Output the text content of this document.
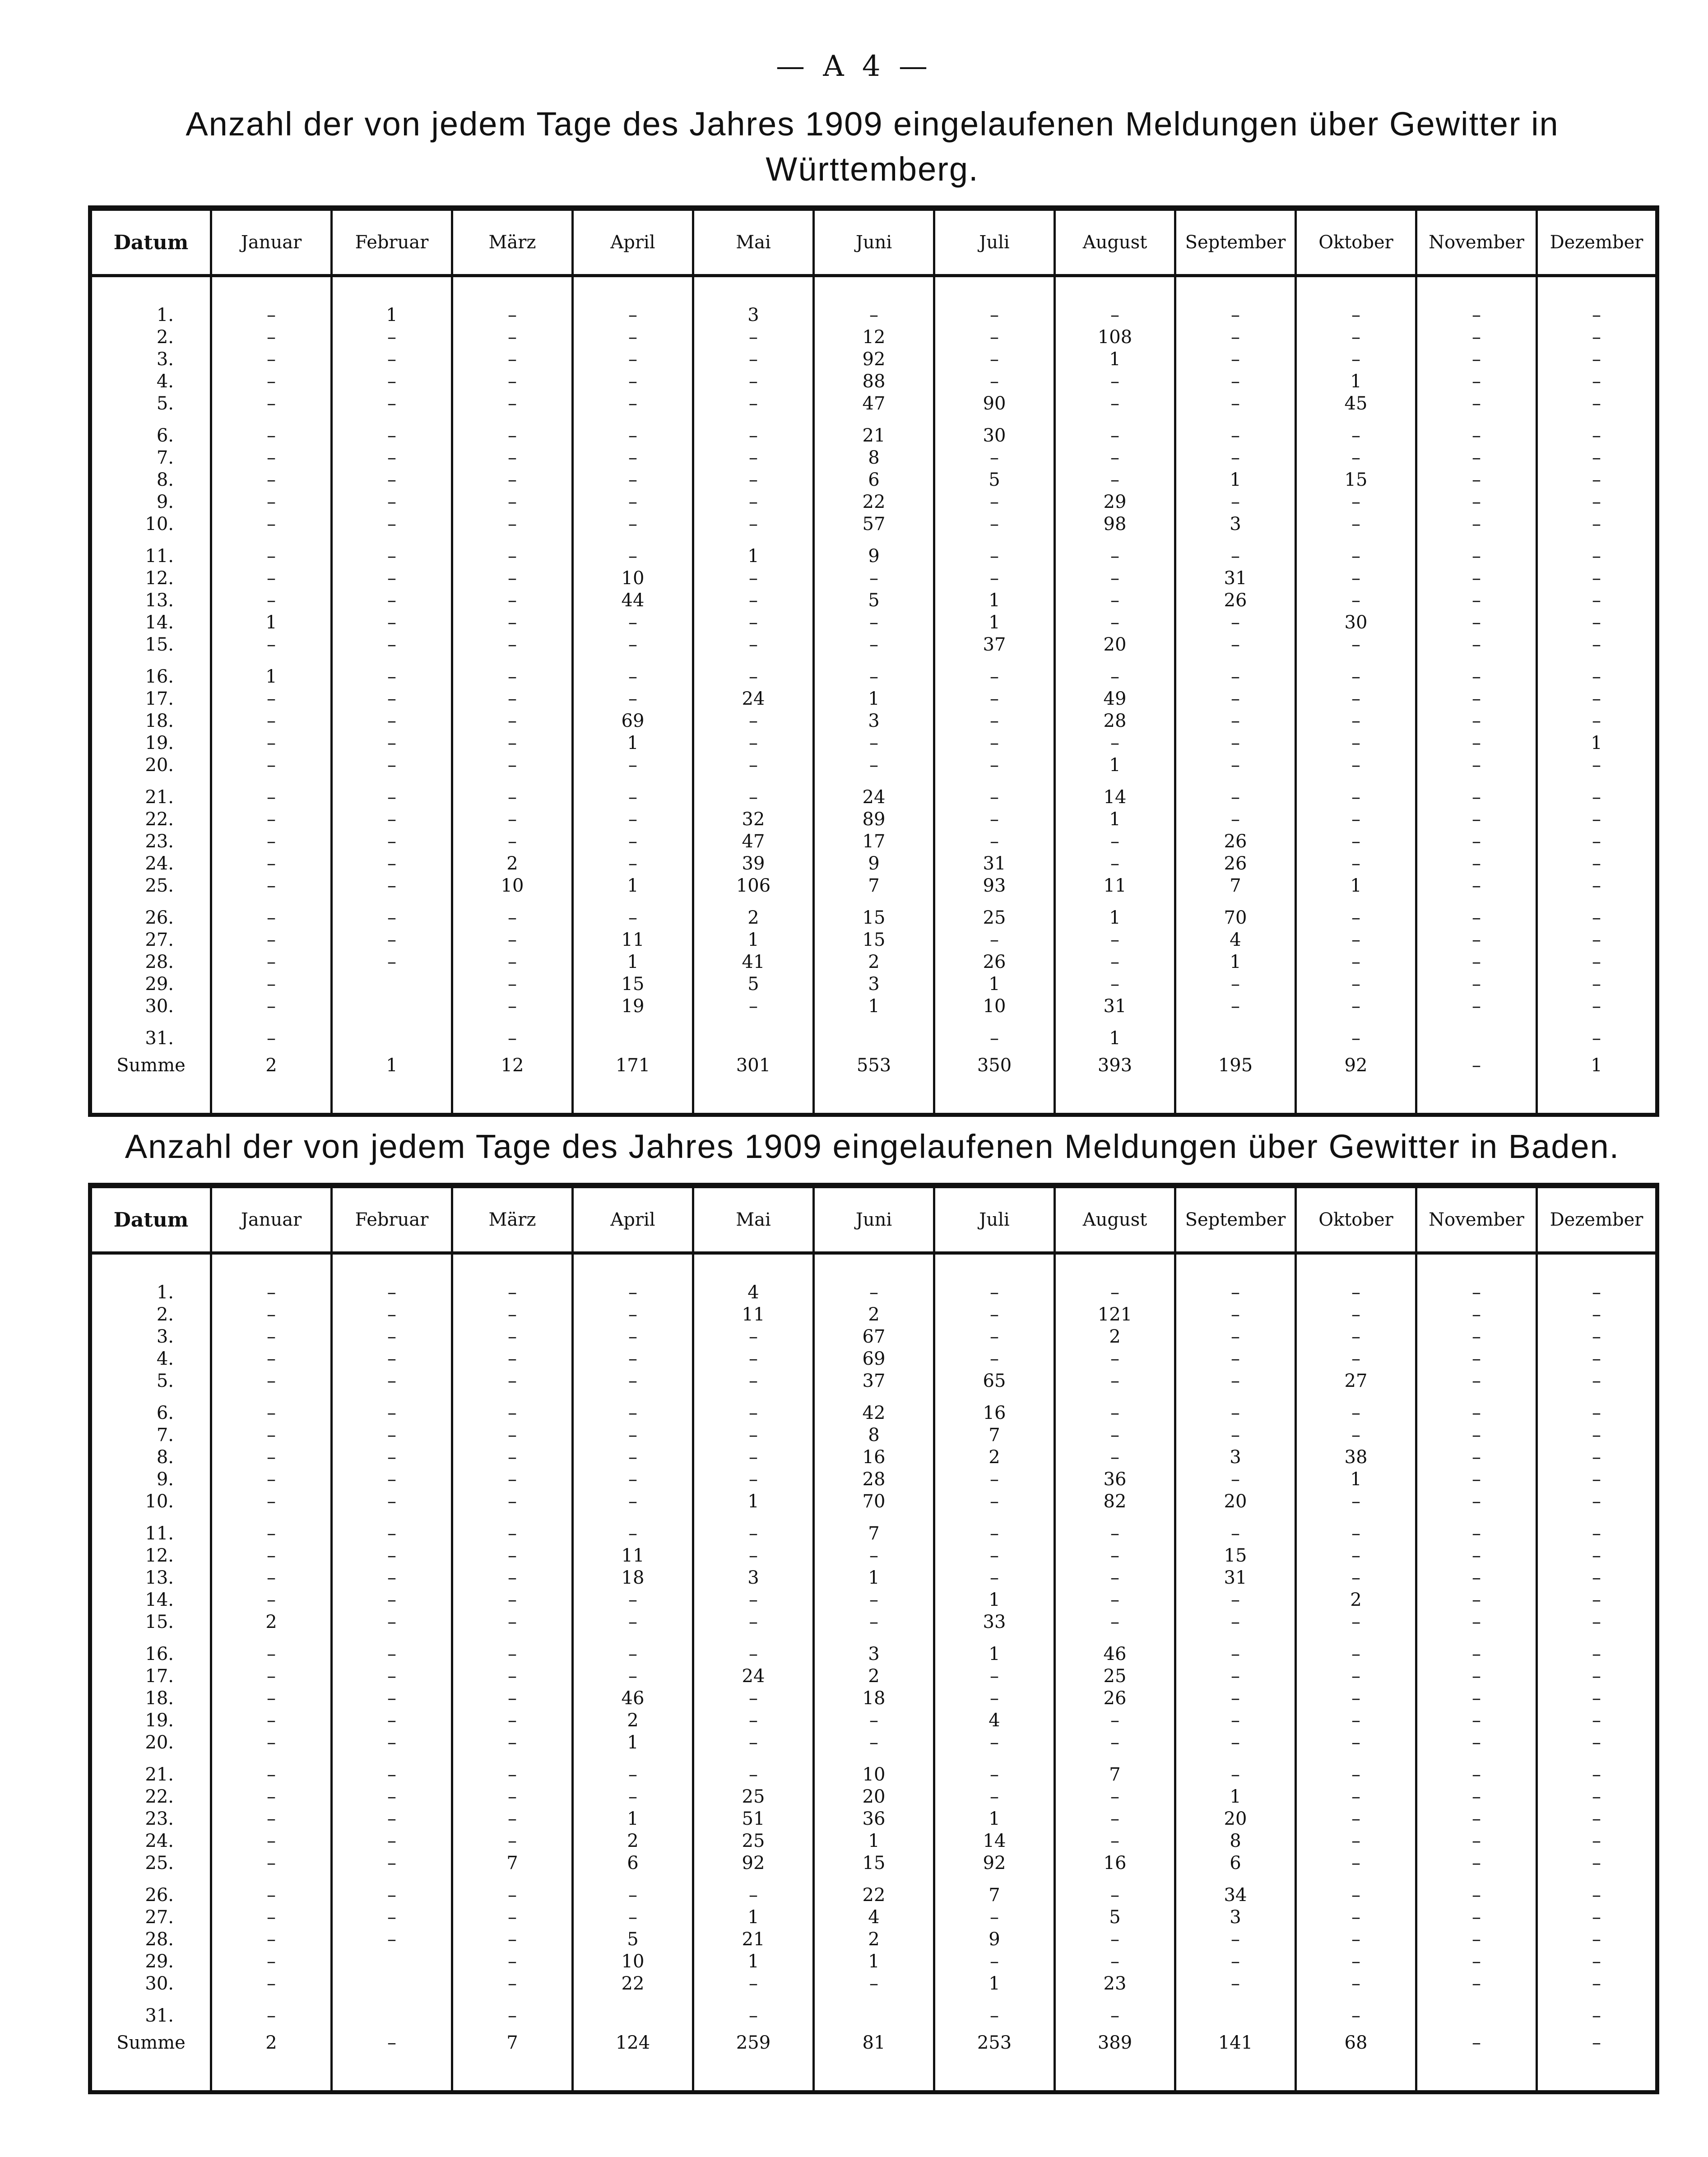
— A 4 —
Anzahl der von jedem Tage des Jahres 1909 eingelaufenen Meldungen über Gewitter in Württemberg.
Datum	Januar	Februar	März	April	Mai	Juni	Juli	August	September	Oktober	November	Dezember

1.	–	1	–	–	3	–	–	–	–	–	–	–
2.	–	–	–	–	–	12	–	108	–	–	–	–
3.	–	–	–	–	–	92	–	1	–	–	–	–
4.	–	–	–	–	–	88	–	–	–	1	–	–
5.	–	–	–	–	–	47	90	–	–	45	–	–

6.	–	–	–	–	–	21	30	–	–	–	–	–
7.	–	–	–	–	–	8	–	–	–	–	–	–
8.	–	–	–	–	–	6	5	–	1	15	–	–
9.	–	–	–	–	–	22	–	29	–	–	–	–
10.	–	–	–	–	–	57	–	98	3	–	–	–

11.	–	–	–	–	1	9	–	–	–	–	–	–
12.	–	–	–	10	–	–	–	–	31	–	–	–
13.	–	–	–	44	–	5	1	–	26	–	–	–
14.	1	–	–	–	–	–	1	–	–	30	–	–
15.	–	–	–	–	–	–	37	20	–	–	–	–

16.	1	–	–	–	–	–	–	–	–	–	–	–
17.	–	–	–	–	24	1	–	49	–	–	–	–
18.	–	–	–	69	–	3	–	28	–	–	–	–
19.	–	–	–	1	–	–	–	–	–	–	–	1
20.	–	–	–	–	–	–	–	1	–	–	–	–

21.	–	–	–	–	–	24	–	14	–	–	–	–
22.	–	–	–	–	32	89	–	1	–	–	–	–
23.	–	–	–	–	47	17	–	–	26	–	–	–
24.	–	–	2	–	39	9	31	–	26	–	–	–
25.	–	–	10	1	106	7	93	11	7	1	–	–

26.	–	–	–	–	2	15	25	1	70	–	–	–
27.	–	–	–	11	1	15	–	–	4	–	–	–
28.	–	–	–	1	41	2	26	–	1	–	–	–
29.	–		–	15	5	3	1	–	–	–	–	–
30.	–		–	19	–	1	10	31	–	–	–	–

31.	–		–				–	1		–		–
Summe	2	1	12	171	301	553	350	393	195	92	–	1

Anzahl der von jedem Tage des Jahres 1909 eingelaufenen Meldungen über Gewitter in Baden.
Datum	Januar	Februar	März	April	Mai	Juni	Juli	August	September	Oktober	November	Dezember

1.	–	–	–	–	4	–	–	–	–	–	–	–
2.	–	–	–	–	11	2	–	121	–	–	–	–
3.	–	–	–	–	–	67	–	2	–	–	–	–
4.	–	–	–	–	–	69	–	–	–	–	–	–
5.	–	–	–	–	–	37	65	–	–	27	–	–

6.	–	–	–	–	–	42	16	–	–	–	–	–
7.	–	–	–	–	–	8	7	–	–	–	–	–
8.	–	–	–	–	–	16	2	–	3	38	–	–
9.	–	–	–	–	–	28	–	36	–	1	–	–
10.	–	–	–	–	1	70	–	82	20	–	–	–

11.	–	–	–	–	–	7	–	–	–	–	–	–
12.	–	–	–	11	–	–	–	–	15	–	–	–
13.	–	–	–	18	3	1	–	–	31	–	–	–
14.	–	–	–	–	–	–	1	–	–	2	–	–
15.	2	–	–	–	–	–	33	–	–	–	–	–

16.	–	–	–	–	–	3	1	46	–	–	–	–
17.	–	–	–	–	24	2	–	25	–	–	–	–
18.	–	–	–	46	–	18	–	26	–	–	–	–
19.	–	–	–	2	–	–	4	–	–	–	–	–
20.	–	–	–	1	–	–	–	–	–	–	–	–

21.	–	–	–	–	–	10	–	7	–	–	–	–
22.	–	–	–	–	25	20	–	–	1	–	–	–
23.	–	–	–	1	51	36	1	–	20	–	–	–
24.	–	–	–	2	25	1	14	–	8	–	–	–
25.	–	–	7	6	92	15	92	16	6	–	–	–

26.	–	–	–	–	–	22	7	–	34	–	–	–
27.	–	–	–	–	1	4	–	5	3	–	–	–
28.	–	–	–	5	21	2	9	–	–	–	–	–
29.	–		–	10	1	1	–	–	–	–	–	–
30.	–		–	22	–	–	1	23	–	–	–	–

31.	–		–		–		–	–		–		–
Summe	2	–	7	124	259	81	253	389	141	68	–	–
